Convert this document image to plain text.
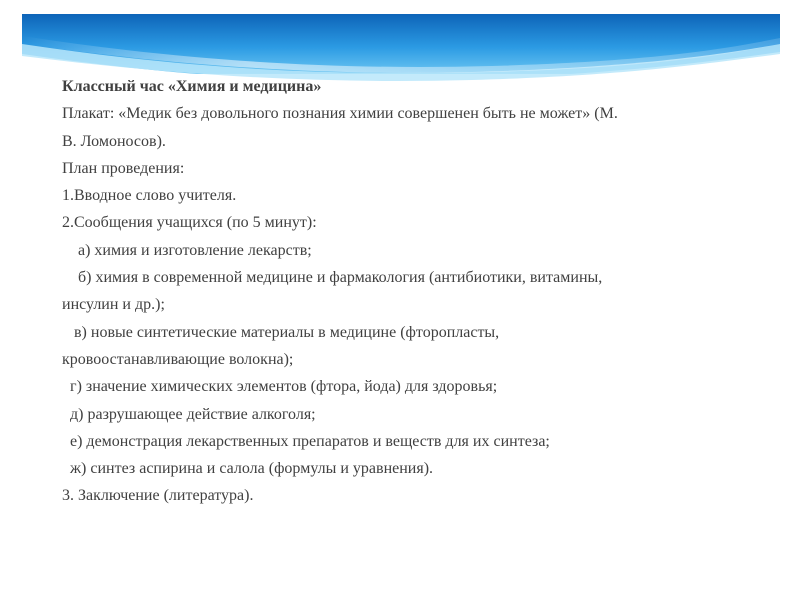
Классный час «Химия и медицина»
Плакат: «Медик без довольного познания химии совершенен быть не может» (М.
В. Ломоносов).
План проведения:
1.Вводное слово учителя.
2.Сообщения учащихся (по 5 минут):
а) химия и изготовление лекарств;
б) химия в современной медицине и фармакология (антибиотики, витамины,
инсулин и др.);
в) новые синтетические материалы в медицине (фторопласты,
кровоостанавливающие волокна);
г) значение химических элементов (фтора, йода) для здоровья;
д) разрушающее действие алкоголя;
е) демонстрация лекарственных препаратов и веществ для их синтеза;
ж) синтез аспирина и салола (формулы и уравнения).
3. Заключение (литература).
